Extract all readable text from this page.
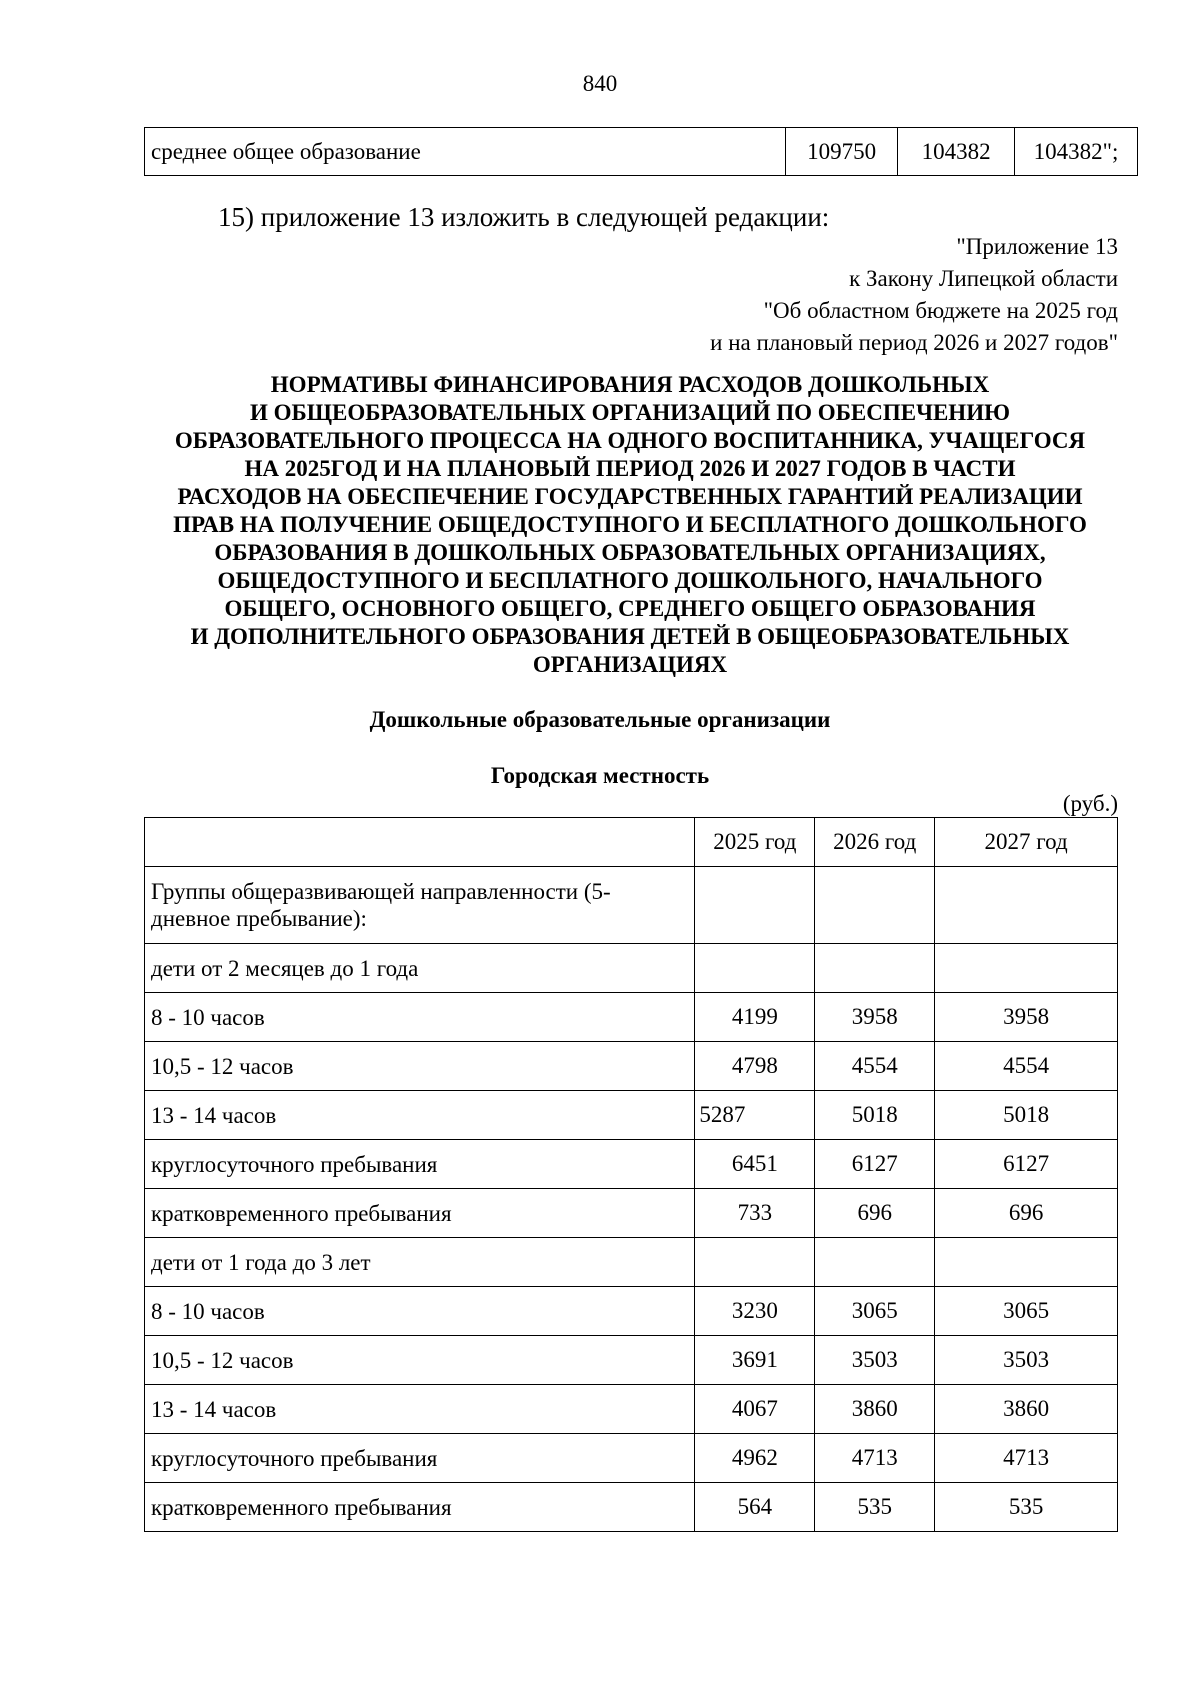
840
среднее общее образование	109750	104382	104382";
15) приложение 13 изложить в следующей редакции:
"Приложение 13
к Закону Липецкой области
"Об областном бюджете на 2025 год
и на плановый период 2026 и 2027 годов"
НОРМАТИВЫ ФИНАНСИРОВАНИЯ РАСХОДОВ ДОШКОЛЬНЫХ
И ОБЩЕОБРАЗОВАТЕЛЬНЫХ ОРГАНИЗАЦИЙ ПО ОБЕСПЕЧЕНИЮ
ОБРАЗОВАТЕЛЬНОГО ПРОЦЕССА НА ОДНОГО ВОСПИТАННИКА, УЧАЩЕГОСЯ
НА 2025ГОД И НА ПЛАНОВЫЙ ПЕРИОД 2026 И 2027 ГОДОВ В ЧАСТИ
РАСХОДОВ НА ОБЕСПЕЧЕНИЕ ГОСУДАРСТВЕННЫХ ГАРАНТИЙ РЕАЛИЗАЦИИ
ПРАВ НА ПОЛУЧЕНИЕ ОБЩЕДОСТУПНОГО И БЕСПЛАТНОГО ДОШКОЛЬНОГО
ОБРАЗОВАНИЯ В ДОШКОЛЬНЫХ ОБРАЗОВАТЕЛЬНЫХ ОРГАНИЗАЦИЯХ,
ОБЩЕДОСТУПНОГО И БЕСПЛАТНОГО ДОШКОЛЬНОГО, НАЧАЛЬНОГО
ОБЩЕГО, ОСНОВНОГО ОБЩЕГО, СРЕДНЕГО ОБЩЕГО ОБРАЗОВАНИЯ
И ДОПОЛНИТЕЛЬНОГО ОБРАЗОВАНИЯ ДЕТЕЙ В ОБЩЕОБРАЗОВАТЕЛЬНЫХ
ОРГАНИЗАЦИЯХ
Дошкольные образовательные организации
Городская местность
(руб.)
	2025 год	2026 год	2027 год

Группы общеразвивающей направленности (5-
дневное пребывание):			

дети от 2 месяцев до 1 года			
8 - 10 часов	4199	3958	3958
10,5 - 12 часов	4798	4554	4554
13 - 14 часов	5287	5018	5018
круглосуточного пребывания	6451	6127	6127
кратковременного пребывания	733	696	696
дети от 1 года до 3 лет			
8 - 10 часов	3230	3065	3065
10,5 - 12 часов	3691	3503	3503
13 - 14 часов	4067	3860	3860
круглосуточного пребывания	4962	4713	4713
кратковременного пребывания	564	535	535
